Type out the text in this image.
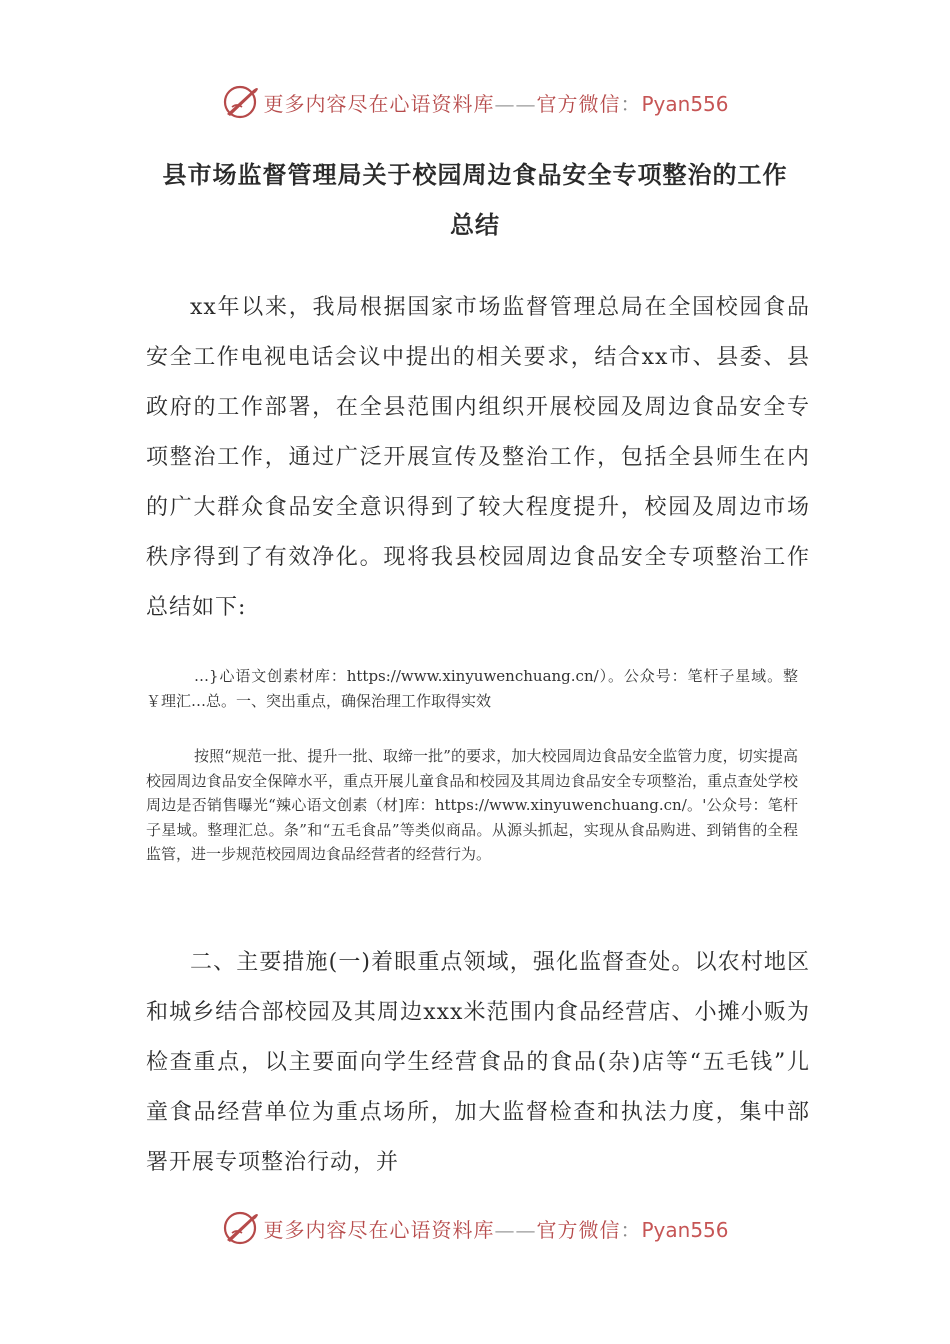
更多内容尽在心语资料库——官方微信：Pyan556
县市场监督管理局关于校园周边食品安全专项整治的工作
总结
xx年以来，我局根据国家市场监督管理总局在全国校园食品安全工作电视电话会议中提出的相关要求，结合xx市、县委、县政府的工作部署，在全县范围内组织开展校园及周边食品安全专项整治工作，通过广泛开展宣传及整治工作，包括全县师生在内的广大群众食品安全意识得到了较大程度提升，校园及周边市场秩序得到了有效净化。现将我县校园周边食品安全专项整治工作总结如下:
…}心语文创素材库：https://www.xinyuwenchuang.cn/）。公众号：笔杆子星域。整￥理汇…总。一、突出重点，确保治理工作取得实效
按照“规范一批、提升一批、取缔一批”的要求，加大校园周边食品安全监管力度，切实提高校园周边食品安全保障水平，重点开展儿童食品和校园及其周边食品安全专项整治，重点查处学校周边是否销售曝光“辣心语文创素（材]库：https://www.xinyuwenchuang.cn/。'公众号：笔杆子星域。整理汇总。条”和“五毛食品”等类似商品。从源头抓起，实现从食品购进、到销售的全程监管，进一步规范校园周边食品经营者的经营行为。
二、主要措施(一)着眼重点领域，强化监督查处。以农村地区和城乡结合部校园及其周边xxx米范围内食品经营店、小摊小贩为检查重点，以主要面向学生经营食品的食品(杂)店等“五毛钱”儿童食品经营单位为重点场所，加大监督检查和执法力度，集中部署开展专项整治行动，并
更多内容尽在心语资料库——官方微信：Pyan556
